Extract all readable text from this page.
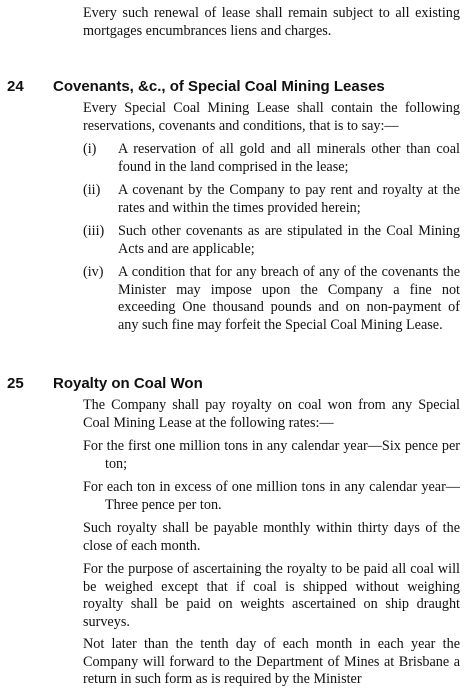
Every such renewal of lease shall remain subject to all existing mortgages encumbrances liens and charges.

24 Covenants, &c., of Special Coal Mining Leases

Every Special Coal Mining Lease shall contain the following reservations, covenants and conditions, that is to say:—

(i) A reservation of all gold and all minerals other than coal found in the land comprised in the lease;
(ii) A covenant by the Company to pay rent and royalty at the rates and within the times provided herein;
(iii) Such other covenants as are stipulated in the Coal Mining Acts and are applicable;
(iv) A condition that for any breach of any of the covenants the Minister may impose upon the Company a fine not exceeding One thousand pounds and on non-payment of any such fine may forfeit the Special Coal Mining Lease.
25 Royalty on Coal Won

The Company shall pay royalty on coal won from any Special Coal Mining Lease at the following rates:—

For the first one million tons in any calendar year—Six pence per ton;

For each ton in excess of one million tons in any calendar year—Three pence per ton.

Such royalty shall be payable monthly within thirty days of the close of each month.

For the purpose of ascertaining the royalty to be paid all coal will be weighed except that if coal is shipped without weighing royalty shall be paid on weights ascertained on ship draught surveys.

Not later than the tenth day of each month in each year the Company will forward to the Department of Mines at Brisbane a return in such form as is required by the Minister
